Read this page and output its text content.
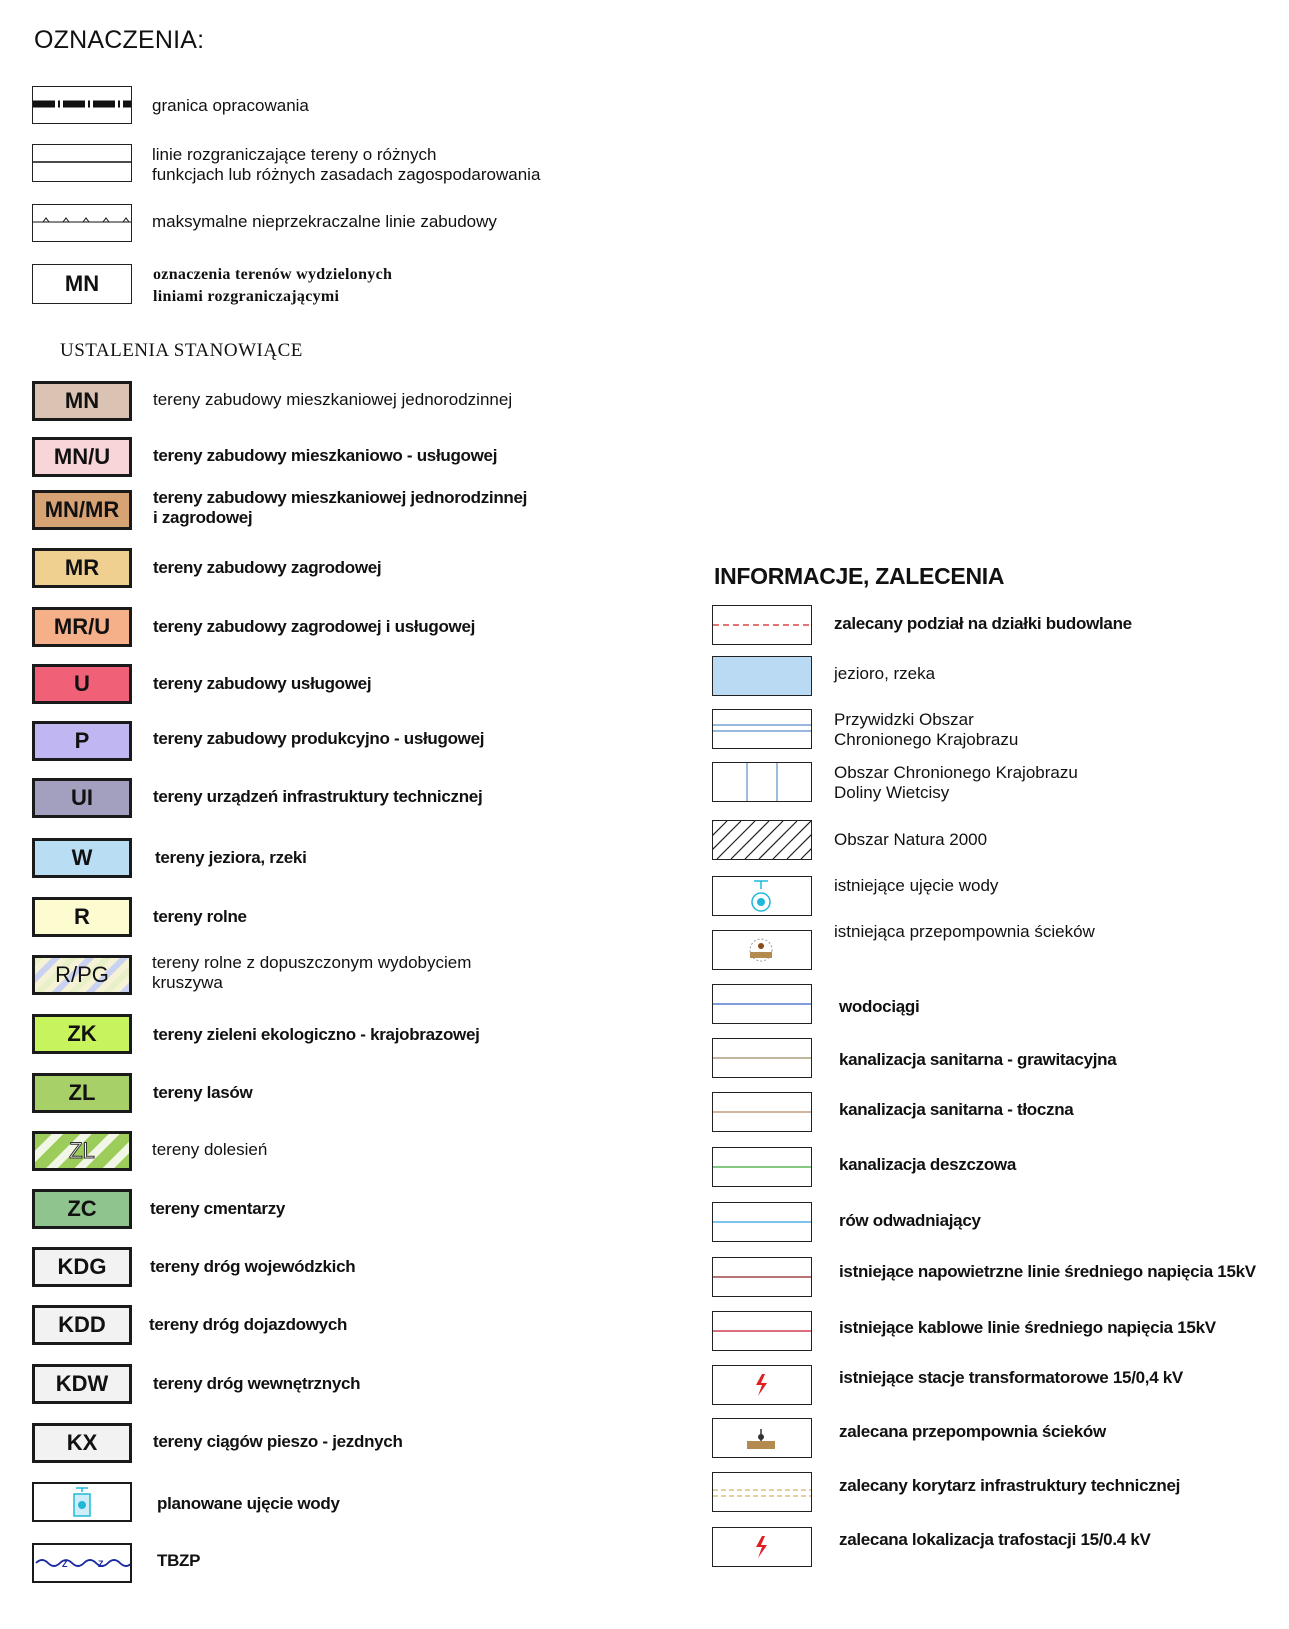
OZNACZENIA:
granica opracowania
linie rozgraniczające tereny o różnych
funkcjach lub różnych zasadach zagospodarowania
maksymalne nieprzekraczalne linie zabudowy
MN	oznaczenia terenów wydzielonych
liniami rozgraniczającymi
USTALENIA STANOWIĄCE
MN	tereny zabudowy mieszkaniowej jednorodzinnej
MN/U	tereny zabudowy mieszkaniowo - usługowej
MN/MR tereny zabudowy mieszkaniowej jednorodzinnej
i zagrodowej
MR	tereny zabudowy zagrodowej
MR/U	tereny zabudowy zagrodowej i usługowej
U	tereny zabudowy usługowej
P	tereny zabudowy produkcyjno - usługowej
UI	tereny urządzeń infrastruktury technicznej
W	tereny jeziora, rzeki
R	tereny rolne
R/PG	tereny rolne z dopuszczonym wydobyciem
kruszywa
ZK	tereny zieleni ekologiczno - krajobrazowej
ZL	tereny lasów
ZL	tereny dolesień
ZC	tereny cmentarzy
KDG	tereny dróg wojewódzkich
KDD	tereny dróg dojazdowych
KDW	tereny dróg wewnętrznych
KX	tereny ciągów pieszo - jezdnych
planowane ujęcie wody
Z	Z	TBZP
INFORMACJE, ZALECENIA
zalecany podział na działki budowlane
jezioro, rzeka
Przywidzki Obszar
Chronionego Krajobrazu
Obszar Chronionego Krajobrazu
Doliny Wietcisy
Obszar Natura 2000
istniejące ujęcie wody
istniejąca przepompownia ścieków
wodociągi
kanalizacja sanitarna - grawitacyjna
kanalizacja sanitarna - tłoczna
kanalizacja deszczowa
rów odwadniający
istniejące napowietrzne linie średniego napięcia 15kV
istniejące kablowe linie średniego napięcia 15kV
istniejące stacje transformatorowe 15/0,4 kV
zalecana przepompownia ścieków
zalecany korytarz infrastruktury technicznej
zalecana lokalizacja trafostacji 15/0.4 kV
